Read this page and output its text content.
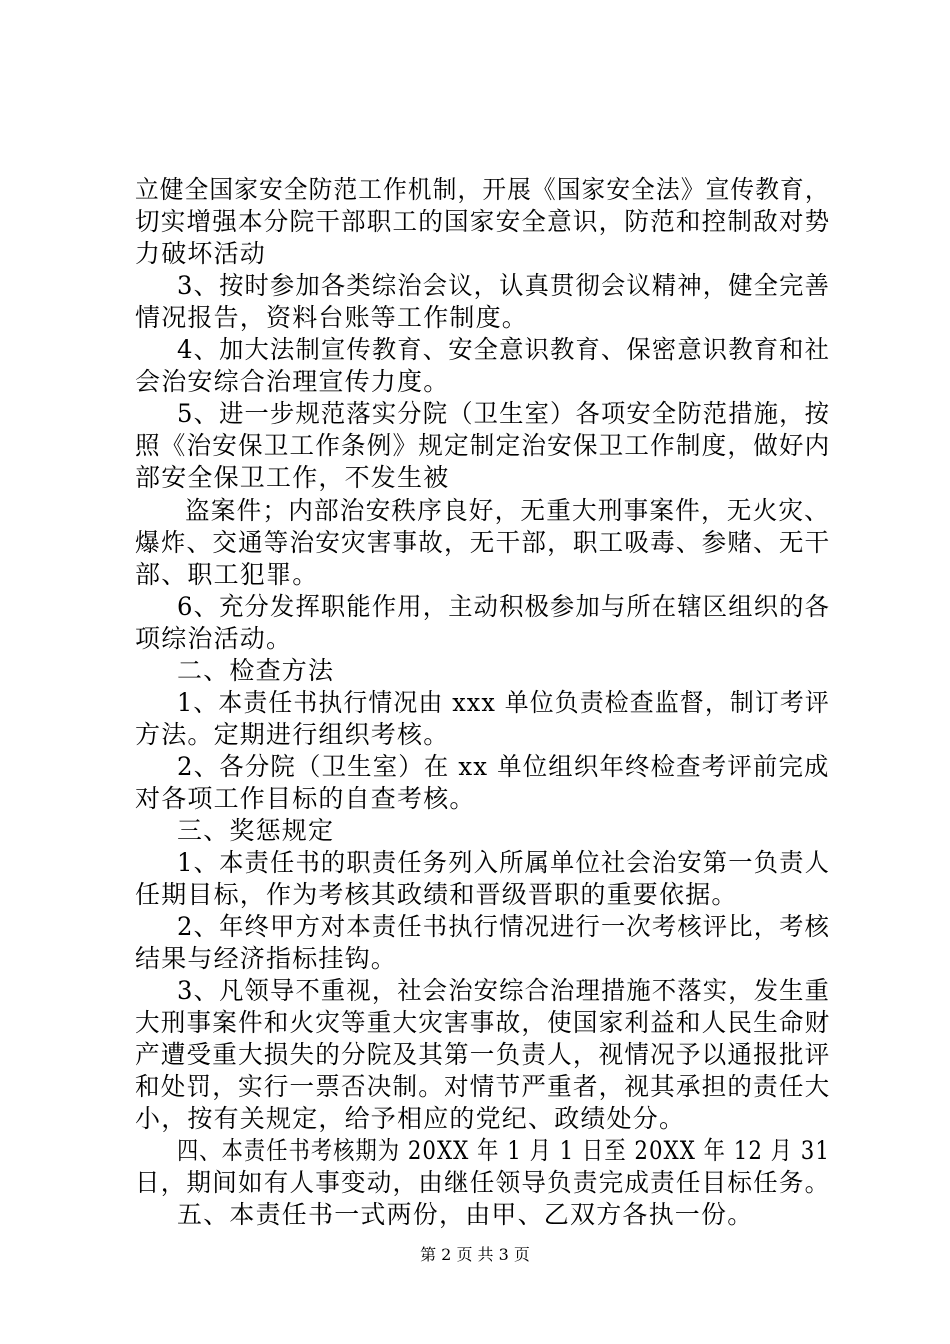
立健全国家安全防范工作机制，开展《国家安全法》宣传教育，
切实增强本分院干部职工的国家安全意识，防范和控制敌对势
力破坏活动
3、按时参加各类综治会议，认真贯彻会议精神，健全完善
情况报告，资料台账等工作制度。
4、加大法制宣传教育、安全意识教育、保密意识教育和社
会治安综合治理宣传力度。
5、进一步规范落实分院（卫生室）各项安全防范措施，按
照《治安保卫工作条例》规定制定治安保卫工作制度，做好内
部安全保卫工作，不发生被
盗案件；内部治安秩序良好，无重大刑事案件，无火灾、
爆炸、交通等治安灾害事故，无干部，职工吸毒、参赌、无干
部、职工犯罪。
6、充分发挥职能作用，主动积极参加与所在辖区组织的各
项综治活动。
二、检查方法
1、本责任书执行情况由 xxx 单位负责检查监督，制订考评
方法。定期进行组织考核。
2、各分院（卫生室）在 xx 单位组织年终检查考评前完成
对各项工作目标的自查考核。
三、奖惩规定
1、本责任书的职责任务列入所属单位社会治安第一负责人
任期目标，作为考核其政绩和晋级晋职的重要依据。
2、年终甲方对本责任书执行情况进行一次考核评比，考核
结果与经济指标挂钩。
3、凡领导不重视，社会治安综合治理措施不落实，发生重
大刑事案件和火灾等重大灾害事故，使国家利益和人民生命财
产遭受重大损失的分院及其第一负责人，视情况予以通报批评
和处罚，实行一票否决制。对情节严重者，视其承担的责任大
小，按有关规定，给予相应的党纪、政绩处分。
四、本责任书考核期为 20XX 年 1 月 1 日至 20XX 年 12 月 31
日，期间如有人事变动，由继任领导负责完成责任目标任务。
五、本责任书一式两份，由甲、乙双方各执一份。
第 2 页 共 3 页
